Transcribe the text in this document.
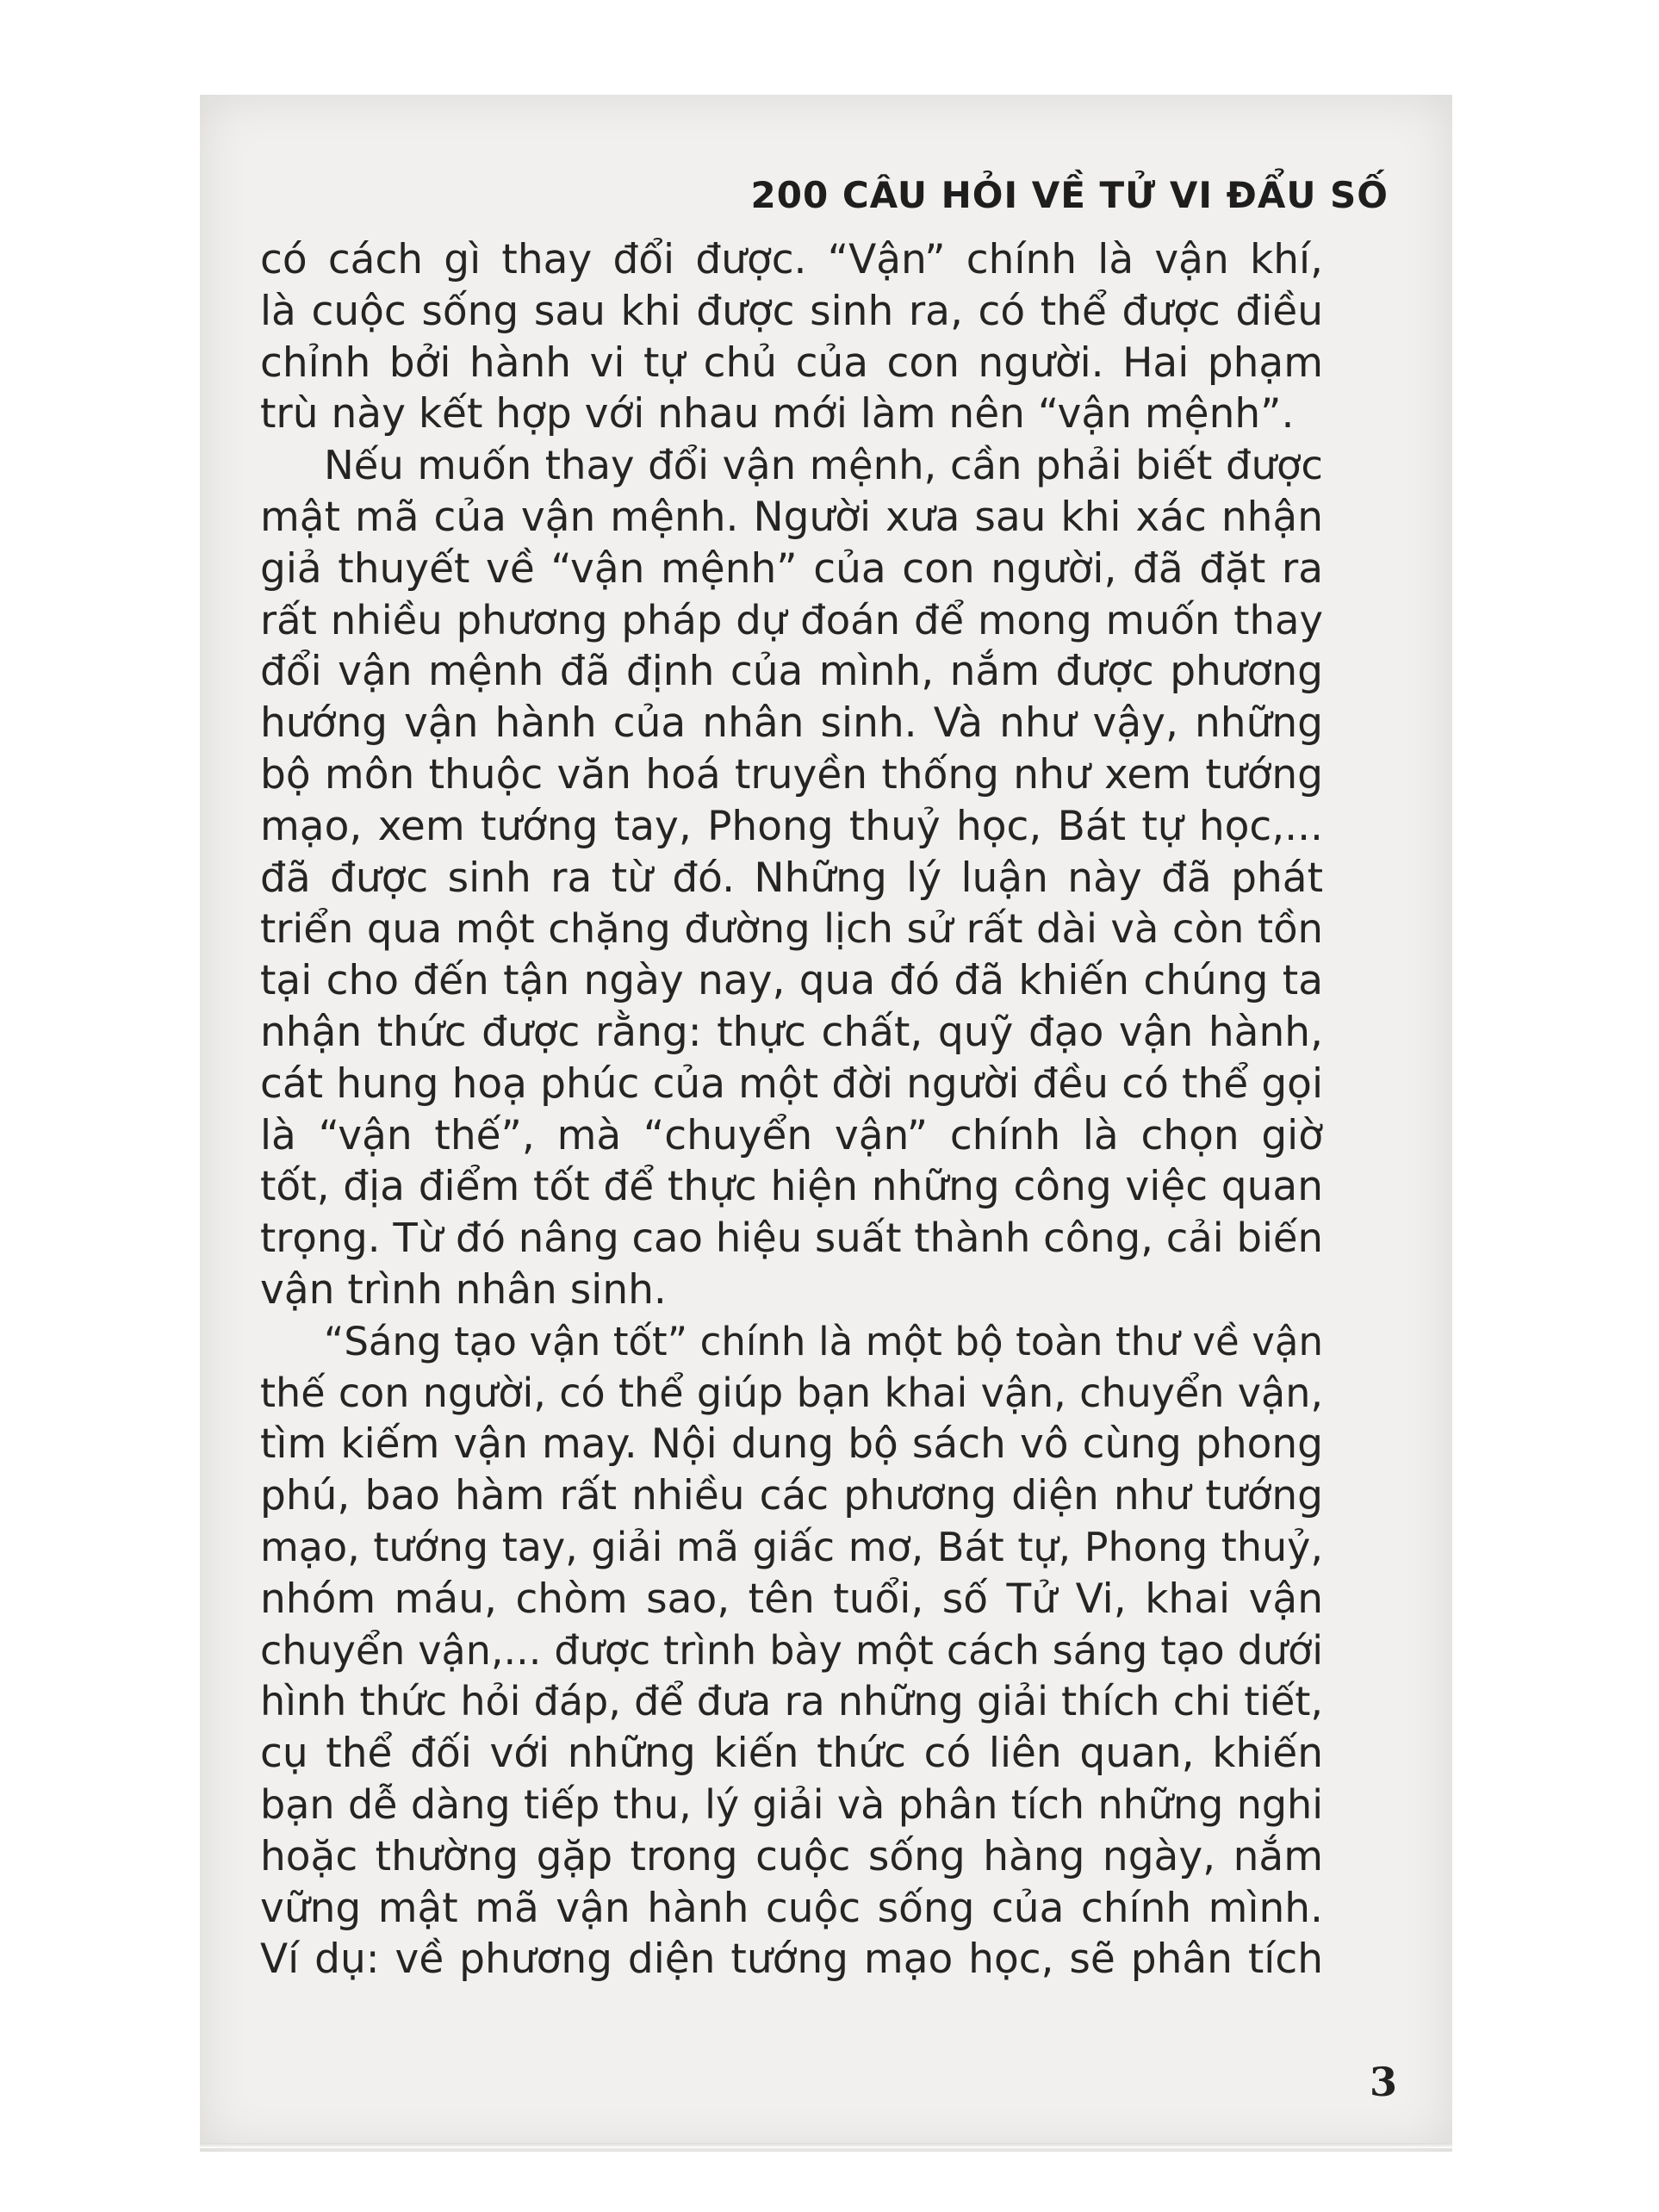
200 CÂU HỎI VỀ TỬ VI ĐẨU SỐ
có cách gì thay đổi được. “Vận” chính là vận khí,
là cuộc sống sau khi được sinh ra, có thể được điều
chỉnh bởi hành vi tự chủ của con người. Hai phạm
trù này kết hợp với nhau mới làm nên “vận mệnh”.
Nếu muốn thay đổi vận mệnh, cần phải biết được
mật mã của vận mệnh. Người xưa sau khi xác nhận
giả thuyết về “vận mệnh” của con người, đã đặt ra
rất nhiều phương pháp dự đoán để mong muốn thay
đổi vận mệnh đã định của mình, nắm được phương
hướng vận hành của nhân sinh. Và như vậy, những
bộ môn thuộc văn hoá truyền thống như xem tướng
mạo, xem tướng tay, Phong thuỷ học, Bát tự học,...
đã được sinh ra từ đó. Những lý luận này đã phát
triển qua một chặng đường lịch sử rất dài và còn tồn
tại cho đến tận ngày nay, qua đó đã khiến chúng ta
nhận thức được rằng: thực chất, quỹ đạo vận hành,
cát hung hoạ phúc của một đời người đều có thể gọi
là “vận thế”, mà “chuyển vận” chính là chọn giờ
tốt, địa điểm tốt để thực hiện những công việc quan
trọng. Từ đó nâng cao hiệu suất thành công, cải biến
vận trình nhân sinh.
“Sáng tạo vận tốt” chính là một bộ toàn thư về vận
thế con người, có thể giúp bạn khai vận, chuyển vận,
tìm kiếm vận may. Nội dung bộ sách vô cùng phong
phú, bao hàm rất nhiều các phương diện như tướng
mạo, tướng tay, giải mã giấc mơ, Bát tự, Phong thuỷ,
nhóm máu, chòm sao, tên tuổi, số Tử Vi, khai vận
chuyển vận,... được trình bày một cách sáng tạo dưới
hình thức hỏi đáp, để đưa ra những giải thích chi tiết,
cụ thể đối với những kiến thức có liên quan, khiến
bạn dễ dàng tiếp thu, lý giải và phân tích những nghi
hoặc thường gặp trong cuộc sống hàng ngày, nắm
vững mật mã vận hành cuộc sống của chính mình.
Ví dụ: về phương diện tướng mạo học, sẽ phân tích
3
